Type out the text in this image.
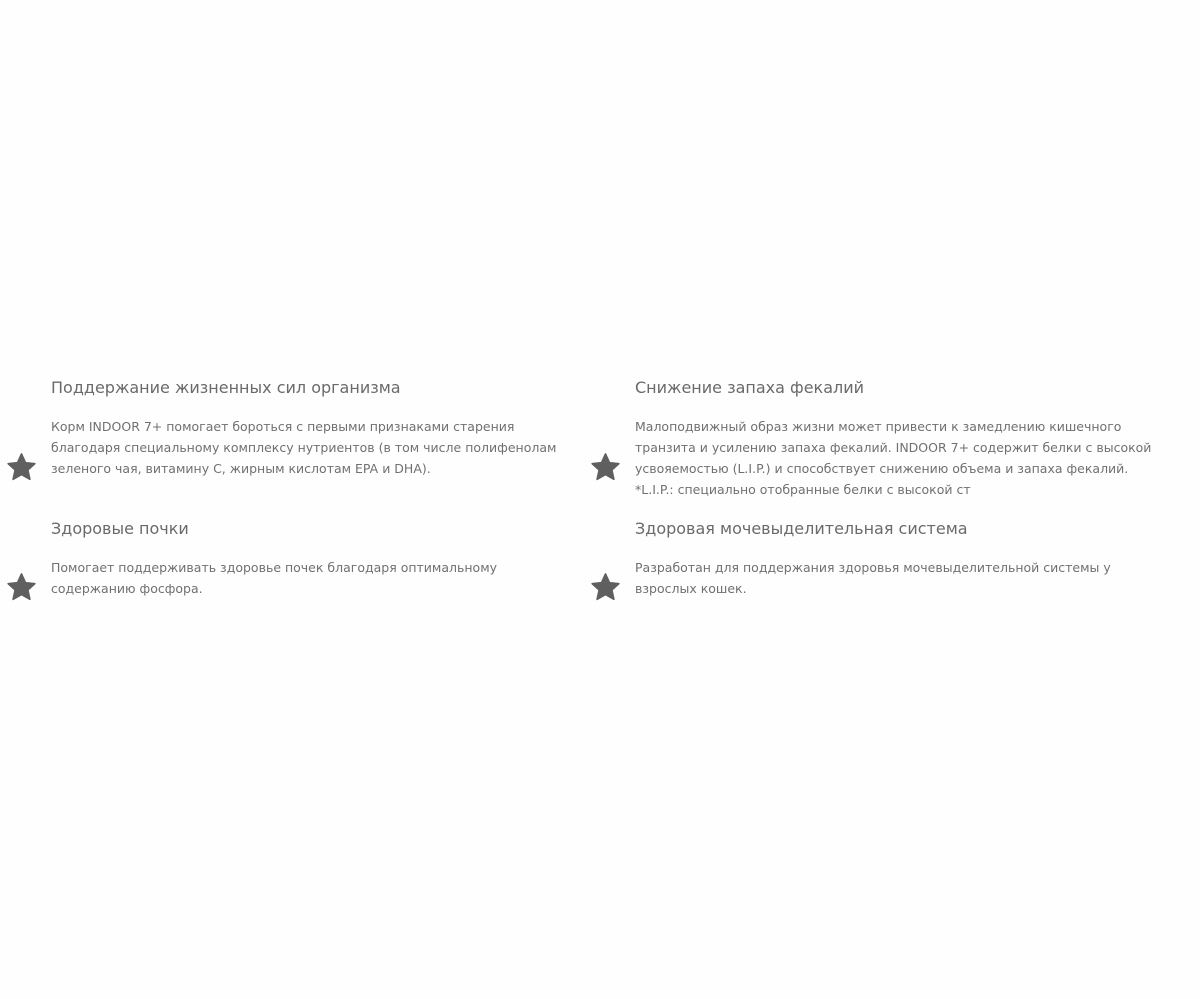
Поддержание жизненных сил организма

Корм INDOOR 7+ помогает бороться с первыми признаками старения благодаря специальному комплексу нутриентов (в том числе полифенолам зеленого чая, витамину С, жирным кислотам EPA и DHA).

Снижение запаха фекалий

Малоподвижный образ жизни может привести к замедлению кишечного транзита и усилению запаха фекалий. INDOOR 7+ содержит белки с высокой усвояемостью (L.I.P.) и способствует снижению объема и запаха фекалий. *L.I.P.: специально отобранные белки с высокой ст

Здоровые почки

Помогает поддерживать здоровье почек благодаря оптимальному содержанию фосфора.

Здоровая мочевыделительная система

Разработан для поддержания здоровья мочевыделительной системы у взрослых кошек.
